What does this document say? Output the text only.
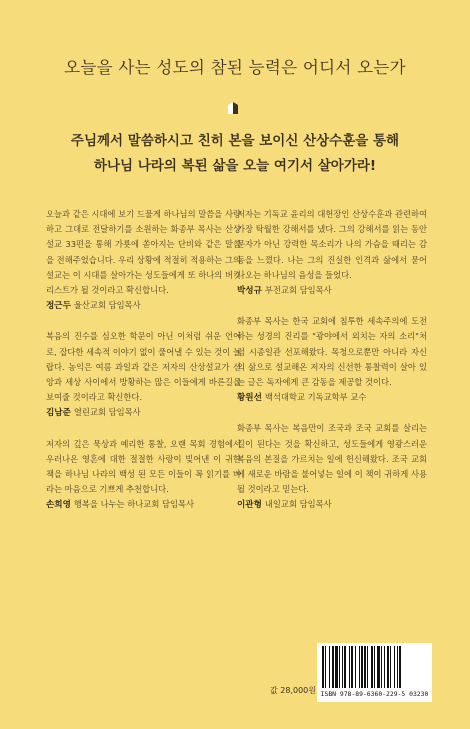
오늘을 사는 성도의 참된 능력은 어디서 오는가
주님께서 말씀하시고 친히 본을 보이신 산상수훈을 통해
하나님 나라의 복된 삶을 오늘 여기서 살아가라!
오늘과 같은 시대에 보기 드물게 하나님의 말씀을 사랑하고 그대로 전달하기를 소원하는 화종부 목사는 산상설교 33편을 통해 가룟에 쏟아지는 단비와 같은 말씀을 전해주었습니다. 우리 상황에 적절히 적용하는 그의 설교는 이 시대를 살아가는 성도들에게 또 하나의 버킷 리스트가 될 것이라고 확신합니다.
정근두 울산교회 담임목사
복음의 진수를 심오한 학문이 아닌 이처럼 쉬운 언어로, 잡다한 세속적 이야기 없이 풀어낼 수 있는 것이 놀랍다. 농익은 여름 과일과 같은 저자의 산상설교가 신앙과 세상 사이에서 방황하는 많은 이들에게 바른길을 보여줄 것이라고 확신한다.
김남준 열린교회 담임목사
저자의 깊은 묵상과 예리한 통찰, 오랜 목회 경험에서 우러나온 영혼에 대한 절절한 사랑이 빚어낸 이 귀한 책을 하나님 나라의 백성 된 모든 이들이 꼭 읽기를 바라는 마음으로 기쁘게 추천합니다.
손희영 행복을 나누는 하나교회 담임목사
저자는 기독교 윤리의 대헌장인 산상수훈과 관련하여 가장 탁월한 강해서를 냈다. 그의 강해서를 읽는 동안 문자가 아닌 강력한 목소리가 나의 가슴을 때리는 감동을 느꼈다. 나는 그의 진실한 인격과 삶에서 묻어 나오는 하나님의 음성을 들었다.
박성규 부전교회 담임목사
화종부 목사는 한국 교회에 침투한 세속주의에 도전하는 성경의 진리를 "광야에서 외치는 자의 소리"처럼 시종일관 선포해왔다. 목청으로뿐만 아니라 자신의 삶으로 설교해온 저자의 신선한 통찰력이 살아 있는 글은 독자에게 큰 감동을 제공할 것이다.
황원선 백석대학교 기독교학부 교수
화종부 목사는 복음만이 조국과 조국 교회를 살리는 길이 된다는 것을 확신하고, 성도들에게 영광스러운 복음의 본질을 가르치는 일에 헌신해왔다. 조국 교회에 새로운 바람을 불어넣는 일에 이 책이 귀하게 사용될 것이라고 믿는다.
이관형 내일교회 담임목사
값 28,000원 ISBN 978-89-6360-229-5 03230
